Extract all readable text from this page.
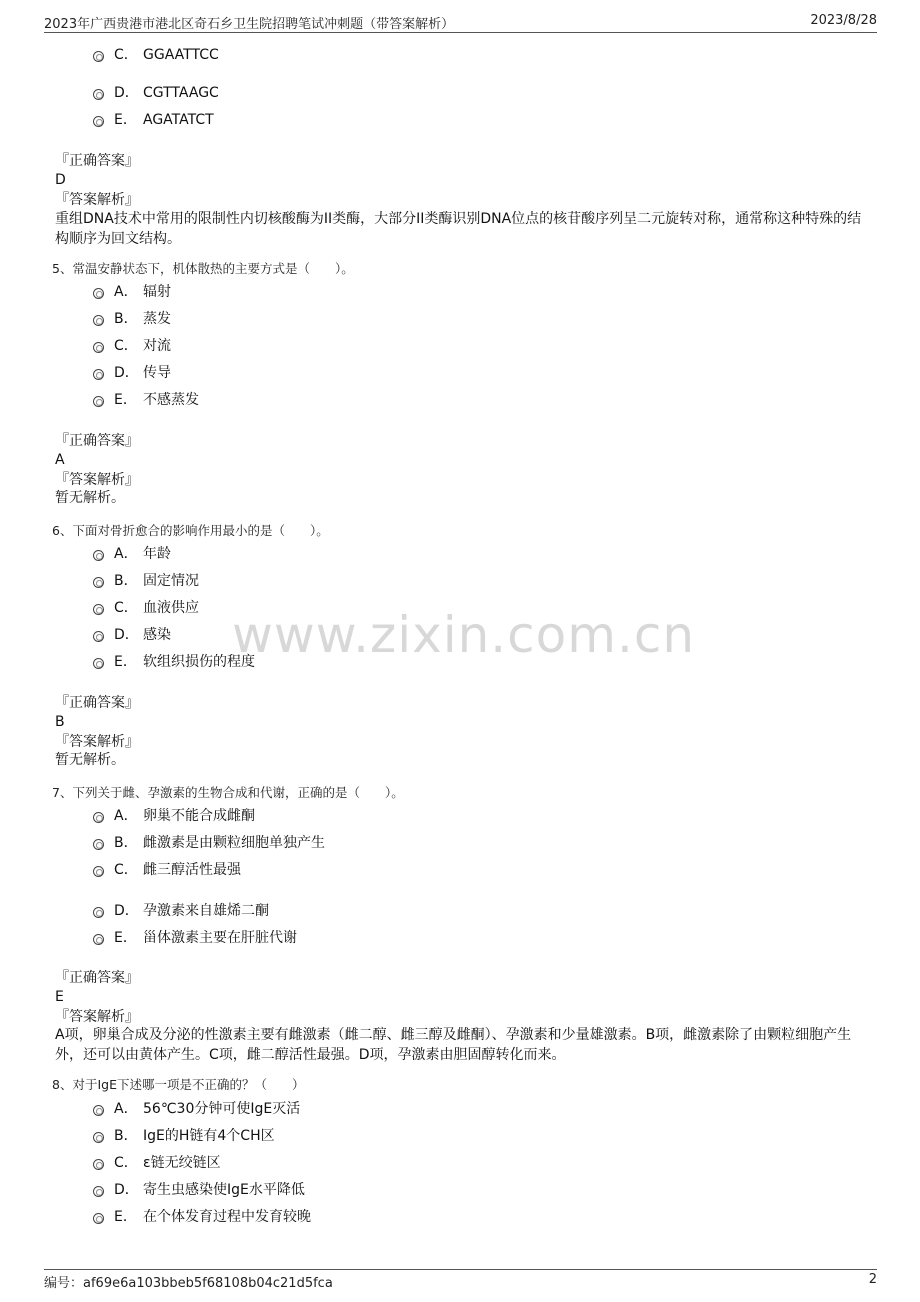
2023年广西贵港市港北区奇石乡卫生院招聘笔试冲刺题（带答案解析）	2023/8/28
www.zixin.com.cn
C． GGAATTCC
D． CGTTAAGC
E． AGATATCT
『正确答案』
D
『答案解析』
重组DNA技术中常用的限制性内切核酸酶为II类酶，大部分II类酶识别DNA位点的核苷酸序列呈二元旋转对称，通常称这种特殊的结构顺序为回文结构。
5、常温安静状态下，机体散热的主要方式是（　　）。
A． 辐射
B． 蒸发
C． 对流
D． 传导
E． 不感蒸发
『正确答案』
A
『答案解析』
暂无解析。
6、下面对骨折愈合的影响作用最小的是（　　）。
A． 年龄
B． 固定情况
C． 血液供应
D． 感染
E． 软组织损伤的程度
『正确答案』
B
『答案解析』
暂无解析。
7、下列关于雌、孕激素的生物合成和代谢，正确的是（　　）。
A． 卵巢不能合成雌酮
B． 雌激素是由颗粒细胞单独产生
C． 雌三醇活性最强
D． 孕激素来自雄烯二酮
E． 甾体激素主要在肝脏代谢
『正确答案』
E
『答案解析』
A项，卵巢合成及分泌的性激素主要有雌激素（雌二醇、雌三醇及雌酮）、孕激素和少量雄激素。B项，雌激素除了由颗粒细胞产生外，还可以由黄体产生。C项，雌二醇活性最强。D项，孕激素由胆固醇转化而来。
8、对于IgE下述哪一项是不正确的？（　　）
A． 56℃30分钟可使IgE灭活
B． IgE的H链有4个CH区
C． ε链无绞链区
D． 寄生虫感染使IgE水平降低
E． 在个体发育过程中发育较晚
编号：af69e6a103bbeb5f68108b04c21d5fca	2
